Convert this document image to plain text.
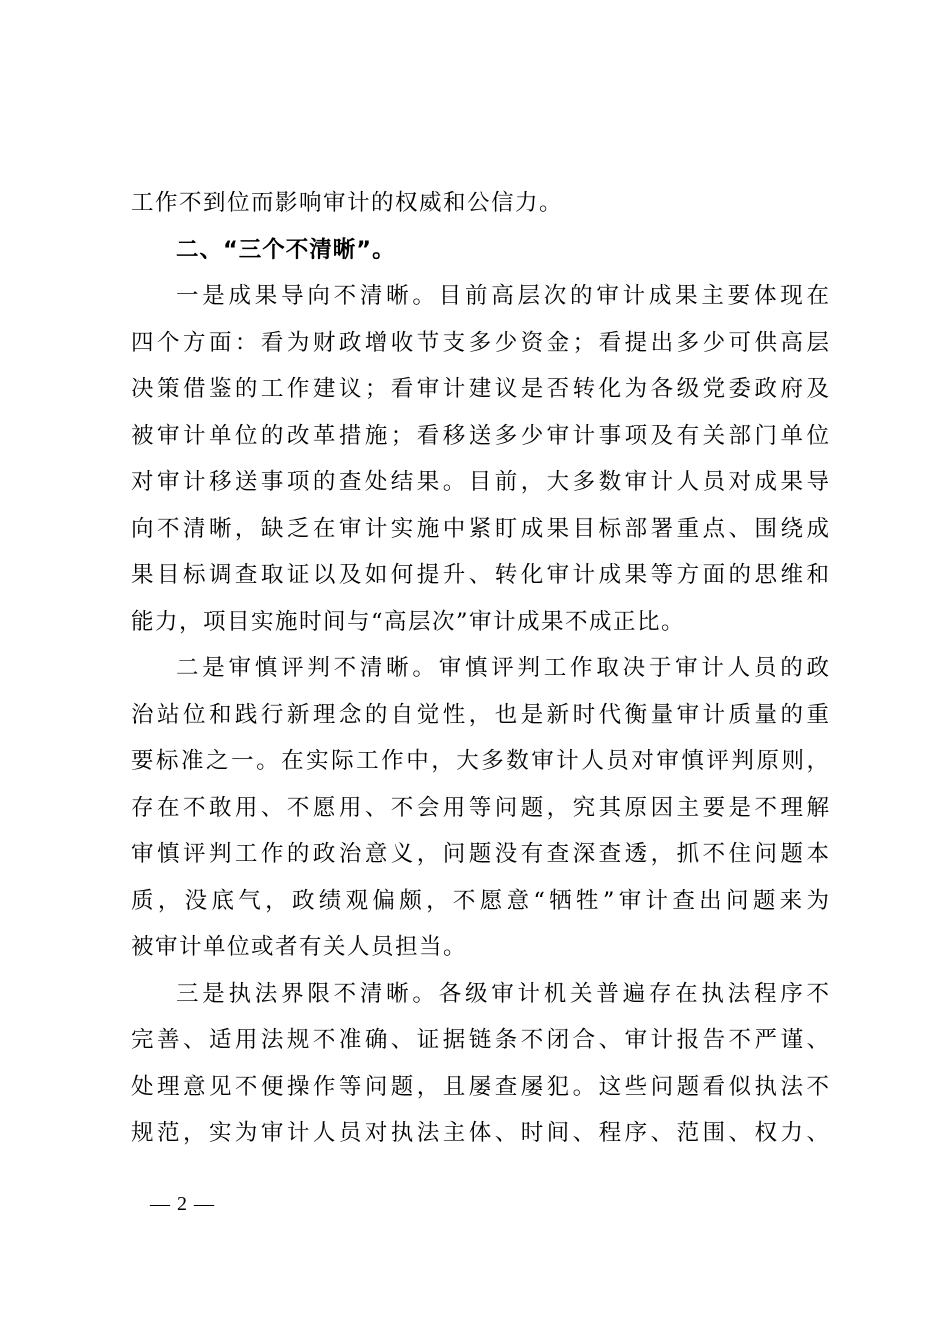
工作不到位而影响审计的权威和公信力。
二、“三个不清晰”。
一是成果导向不清晰。目前高层次的审计成果主要体现在
四个方面：看为财政增收节支多少资金；看提出多少可供高层
决策借鉴的工作建议；看审计建议是否转化为各级党委政府及
被审计单位的改革措施；看移送多少审计事项及有关部门单位
对审计移送事项的查处结果。目前，大多数审计人员对成果导
向不清晰，缺乏在审计实施中紧盯成果目标部署重点、围绕成
果目标调查取证以及如何提升、转化审计成果等方面的思维和
能力，项目实施时间与“高层次”审计成果不成正比。
二是审慎评判不清晰。审慎评判工作取决于审计人员的政
治站位和践行新理念的自觉性，也是新时代衡量审计质量的重
要标准之一。在实际工作中，大多数审计人员对审慎评判原则，
存在不敢用、不愿用、不会用等问题，究其原因主要是不理解
审慎评判工作的政治意义，问题没有查深查透，抓不住问题本
质，没底气，政绩观偏颇，不愿意“牺牲”审计查出问题来为
被审计单位或者有关人员担当。
三是执法界限不清晰。各级审计机关普遍存在执法程序不
完善、适用法规不准确、证据链条不闭合、审计报告不严谨、
处理意见不便操作等问题，且屡查屡犯。这些问题看似执法不
规范，实为审计人员对执法主体、时间、程序、范围、权力、
— 2 —
